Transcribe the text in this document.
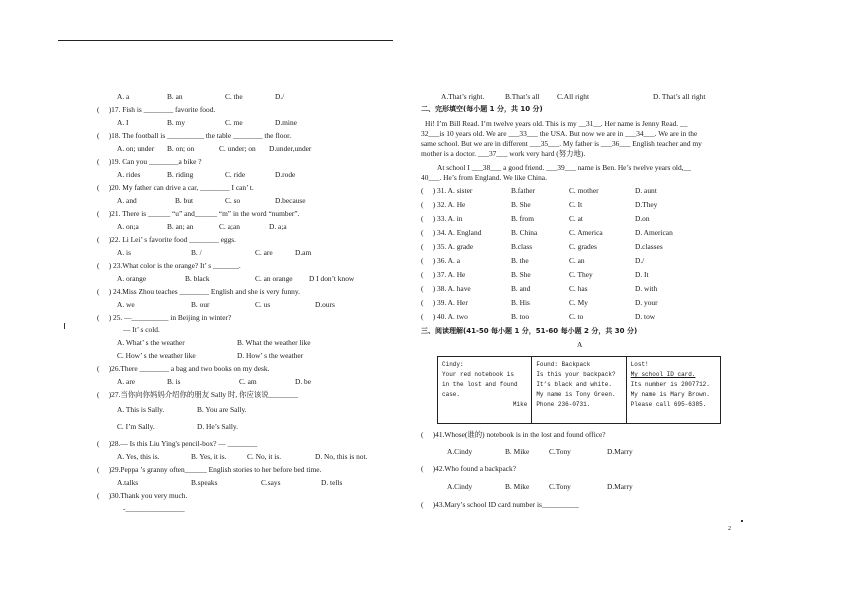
A. a	B. an	C. the	D./
(　 )17. Fish is ________ favorite food.
A. I	B. my	C. me	D.mine
(　 )18. The football is __________ the table ________ the floor.
A. on; under B. on; on	C. under; on D.under,under
(　 )19. Can you ________a bike ?
A. rides	B. riding	C. ride	D.rode
(　 )20. My father can drive a car, ________ I can’ t.
A. and	B. but	C. so	D.because
(　 )21. There is ______ “u” and______ “m” in the word “number”.
A. on;a	B. an; an	C. a;an	D. a;a
(　 )22. Li Lei’ s favorite food ________ eggs.
A. is	B. /	C. are	D.am
(　 ) 23.What color is the orange? It’ s _______.
A. orange	B. black	C. an orange D I don’t know
(　 ) 24.Miss Zhou teaches ________ English and she is very funny.
A. we	B. our	C. us	D.ours
(　 ) 25. —__________ in Beijing in winter?
— It’ s cold.
A. What’ s the weather	B. What the weather like
C. How’ s the weather like	D. How’ s the weather
(　 )26.There ________ a bag and two books on my desk.
A. are	B. is	C. am	D. be
(　 )27.当你向你妈妈介绍你的朋友 Sally 时, 你应该说________
A. This is Sally.	B. You are Sally.
C. I’m Sally.	D. He’s Sally.
(　 )28.— Is this Liu Ying's pencil-box? — ________
A. Yes, this is.	B. Yes, it is.	C. No, it is.	D. No, this is not.
(　 )29.Peppa ’s granny often______ English stories to her before bed time.
A.talks	B.speaks	C.says	D. tells
(　 )30.Thank you very much.
-________________
A.That’s right.	B.That’s all C.All right	D. That’s all right
二、完形填空(每小题 1 分，共 10 分)
Hi! I’m Bill Read. I’m twelve years old. This is my __31__. Her name is Jenny Read. __
32___is 10 years old. We are ___33___ the USA. But now we are in ___34___. We are in the
same school. But we are in different ___35___. My father is ___36___ English teacher and my
mother is a doctor. ___37___ work very hard (努力地).
At school I ___38___ a good friend. ___39___ name is Ben. He’s twelve years old,__
40___. He’s from England. We like China.
(　 ) 31. A. sister	B.father	C. mother	D. aunt
(　 ) 32. A. He	B. She	C. It	D.They
(　 ) 33. A. in	B. from	C. at	D.on
(　 ) 34. A. England	B. China	C. America	D. American
(　 ) 35. A. grade	B.class	C. grades	D.classes
(　 ) 36. A. a	B. the	C. an	D./
(　 ) 37. A. He	B. She	C. They	D. It
(　 ) 38. A. have	B. and	C. has	D. with
(　 ) 39. A. Her	B. His	C. My	D. your
(　 ) 40. A. two	B. too	C. to	D. tow
三、阅读理解(41-50 每小题 1 分，51-60 每小题 2 分，共 30 分)
A
Cindy:
Your red notebook is
in the lost and found
case.
Mike
Found: Backpack
Is this your backpack?
It’s black and white.
My name is Tony Green.
Phone 236-0731.
Lost!
My school ID card.
Its number is 2007712.
My name is Mary Brown.
Please call 695-6385.
(　 )41.Whose(谁的) notebook is in the lost and found office?
A.Cindy	B. Mike	C.Tony	D.Marry
(　 )42.Who found a backpack?
A.Cindy	B. Mike	C.Tony	D.Marry
(　 )43.Mary’s school ID card number is__________
2
